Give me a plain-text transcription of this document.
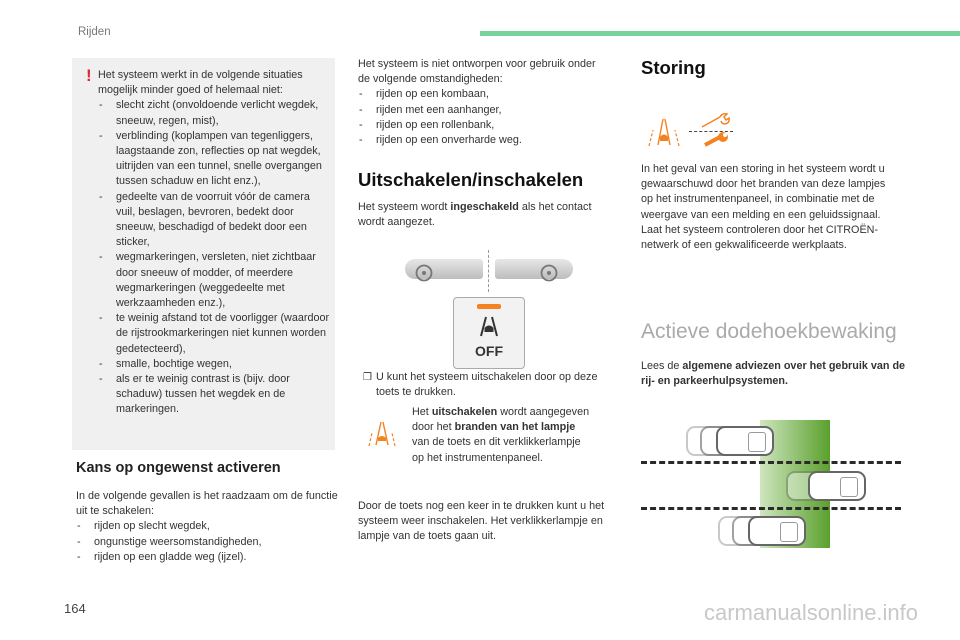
Rijden
! Het systeem werkt in de volgende situaties mogelijk minder goed of helemaal niet:
- slecht zicht (onvoldoende verlicht wegdek, sneeuw, regen, mist),
- verblinding (koplampen van tegenliggers, laagstaande zon, reflecties op nat wegdek, uitrijden van een tunnel, snelle overgangen tussen schaduw en licht enz.),
- gedeelte van de voorruit vóór de camera vuil, beslagen, bevroren, bedekt door sneeuw, beschadigd of bedekt door een sticker,
- wegmarkeringen, versleten, niet zichtbaar door sneeuw of modder, of meerdere wegmarkeringen (weggedeelte met werkzaamheden enz.),
- te weinig afstand tot de voorligger (waardoor de rijstrookmarkeringen niet kunnen worden gedetecteerd),
- smalle, bochtige wegen,
- als er te weinig contrast is (bijv. door schaduw) tussen het wegdek en de markeringen.
Kans op ongewenst activeren
In de volgende gevallen is het raadzaam om de functie uit te schakelen:
- rijden op slecht wegdek,
- ongunstige weersomstandigheden,
- rijden op een gladde weg (ijzel).
Het systeem is niet ontworpen voor gebruik onder de volgende omstandigheden:
- rijden op een kombaan,
- rijden met een aanhanger,
- rijden op een rollenbank,
- rijden op een onverharde weg.
Uitschakelen/inschakelen
Het systeem wordt ingeschakeld als het contact wordt aangezet.
OFF
❒ U kunt het systeem uitschakelen door op deze toets te drukken.
Het uitschakelen wordt aangegeven door het branden van het lampje van de toets en dit verklikkerlampje op het instrumentenpaneel.
Door de toets nog een keer in te drukken kunt u het systeem weer inschakelen. Het verklikkerlampje en lampje van de toets gaan uit.
Storing
In het geval van een storing in het systeem wordt u gewaarschuwd door het branden van deze lampjes op het instrumentenpaneel, in combinatie met de weergave van een melding en een geluidssignaal.
Laat het systeem controleren door het CITROËN-netwerk of een gekwalificeerde werkplaats.
Actieve dodehoekbewaking
Lees de algemene adviezen over het gebruik van de rij- en parkeerhulpsystemen.
164	carmanualsonline.info
